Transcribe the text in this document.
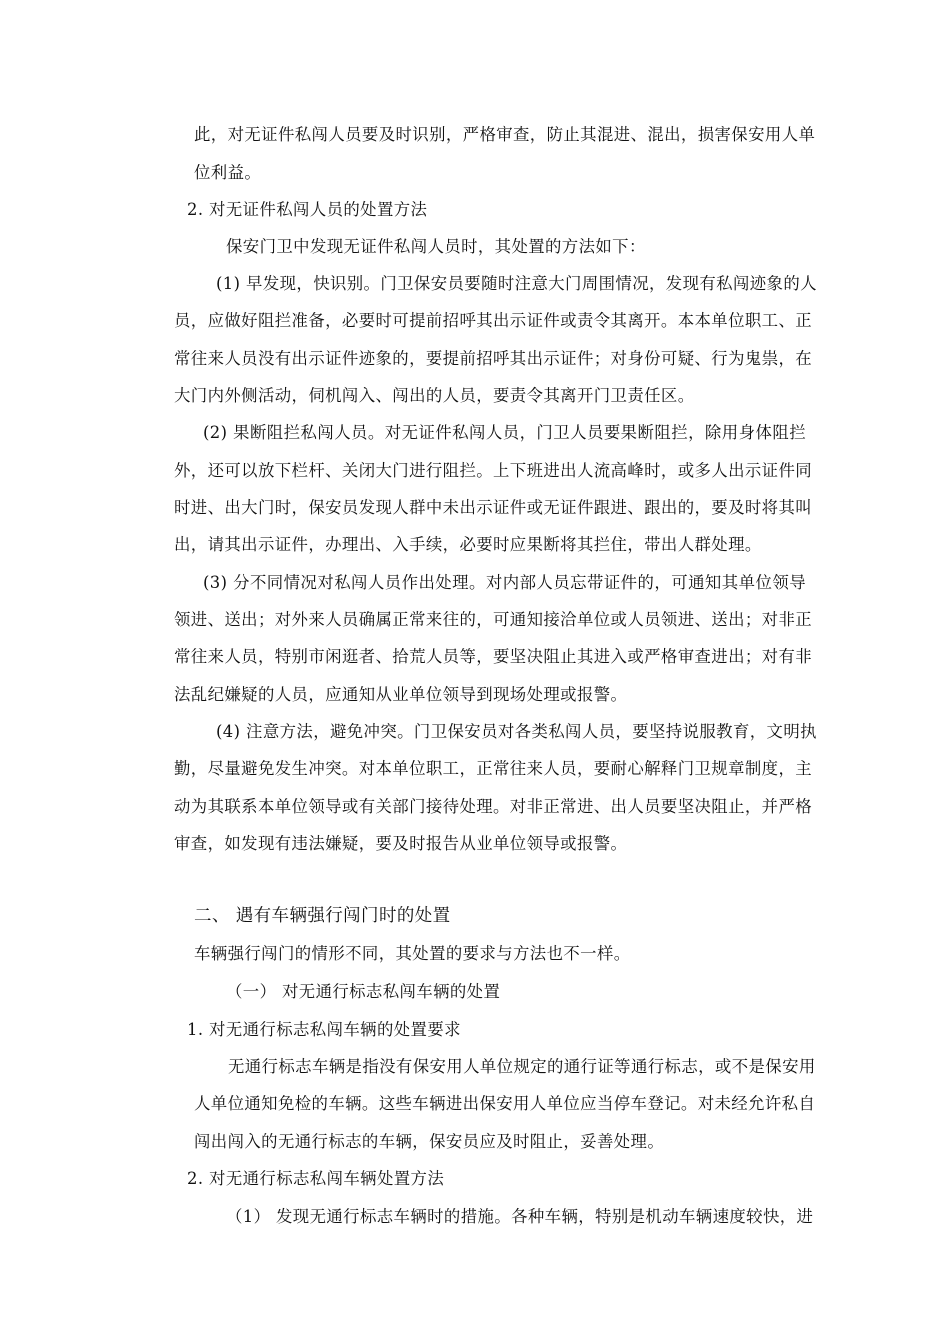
此，对无证件私闯人员要及时识别，严格审查，防止其混进、混出，损害保安用人单
位利益。
2. 对无证件私闯人员的处置方法
保安门卫中发现无证件私闯人员时，其处置的方法如下：
(1) 早发现，快识别。门卫保安员要随时注意大门周围情况，发现有私闯迹象的人
员，应做好阻拦准备，必要时可提前招呼其出示证件或责令其离开。本本单位职工、正
常往来人员没有出示证件迹象的，要提前招呼其出示证件；对身份可疑、行为鬼祟，在
大门内外侧活动，伺机闯入、闯出的人员，要责令其离开门卫责任区。
(2) 果断阻拦私闯人员。对无证件私闯人员，门卫人员要果断阻拦，除用身体阻拦
外，还可以放下栏杆、关闭大门进行阻拦。上下班进出人流高峰时，或多人出示证件同
时进、出大门时，保安员发现人群中未出示证件或无证件跟进、跟出的，要及时将其叫
出，请其出示证件，办理出、入手续，必要时应果断将其拦住，带出人群处理。
(3) 分不同情况对私闯人员作出处理。对内部人员忘带证件的，可通知其单位领导
领进、送出；对外来人员确属正常来往的，可通知接洽单位或人员领进、送出；对非正
常往来人员，特别市闲逛者、拾荒人员等，要坚决阻止其进入或严格审查进出；对有非
法乱纪嫌疑的人员，应通知从业单位领导到现场处理或报警。
(4) 注意方法，避免冲突。门卫保安员对各类私闯人员，要坚持说服教育，文明执
勤，尽量避免发生冲突。对本单位职工，正常往来人员，要耐心解释门卫规章制度，主
动为其联系本单位领导或有关部门接待处理。对非正常进、出人员要坚决阻止，并严格
审查，如发现有违法嫌疑，要及时报告从业单位领导或报警。
二、 遇有车辆强行闯门时的处置
车辆强行闯门的情形不同，其处置的要求与方法也不一样。
（一） 对无通行标志私闯车辆的处置
1. 对无通行标志私闯车辆的处置要求
无通行标志车辆是指没有保安用人单位规定的通行证等通行标志，或不是保安用
人单位通知免检的车辆。这些车辆进出保安用人单位应当停车登记。对未经允许私自
闯出闯入的无通行标志的车辆，保安员应及时阻止，妥善处理。
2. 对无通行标志私闯车辆处置方法
（1） 发现无通行标志车辆时的措施。各种车辆，特别是机动车辆速度较快，进
